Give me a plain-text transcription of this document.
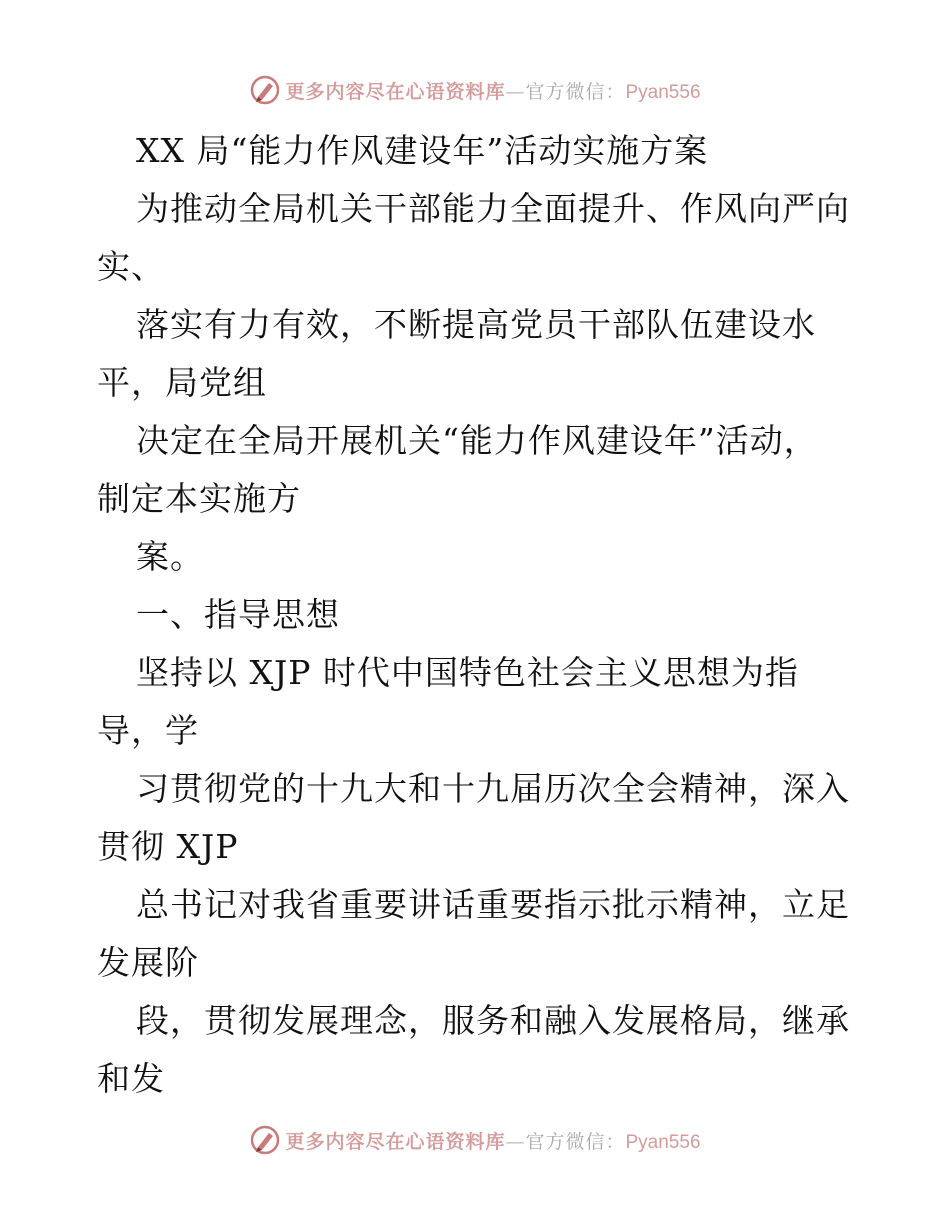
更多内容尽在心语资料库—官方微信：Pyan556
XX 局“能力作风建设年”活动实施方案
为推动全局机关干部能力全面提升、作风向严向
实、
落实有力有效，不断提高党员干部队伍建设水
平，局党组
决定在全局开展机关“能力作风建设年”活动，
制定本实施方
案。
一、指导思想
坚持以 XJP 时代中国特色社会主义思想为指
导，学
习贯彻党的十九大和十九届历次全会精神，深入
贯彻 XJP
总书记对我省重要讲话重要指示批示精神，立足
发展阶
段，贯彻发展理念，服务和融入发展格局，继承
和发
更多内容尽在心语资料库—官方微信：Pyan556
